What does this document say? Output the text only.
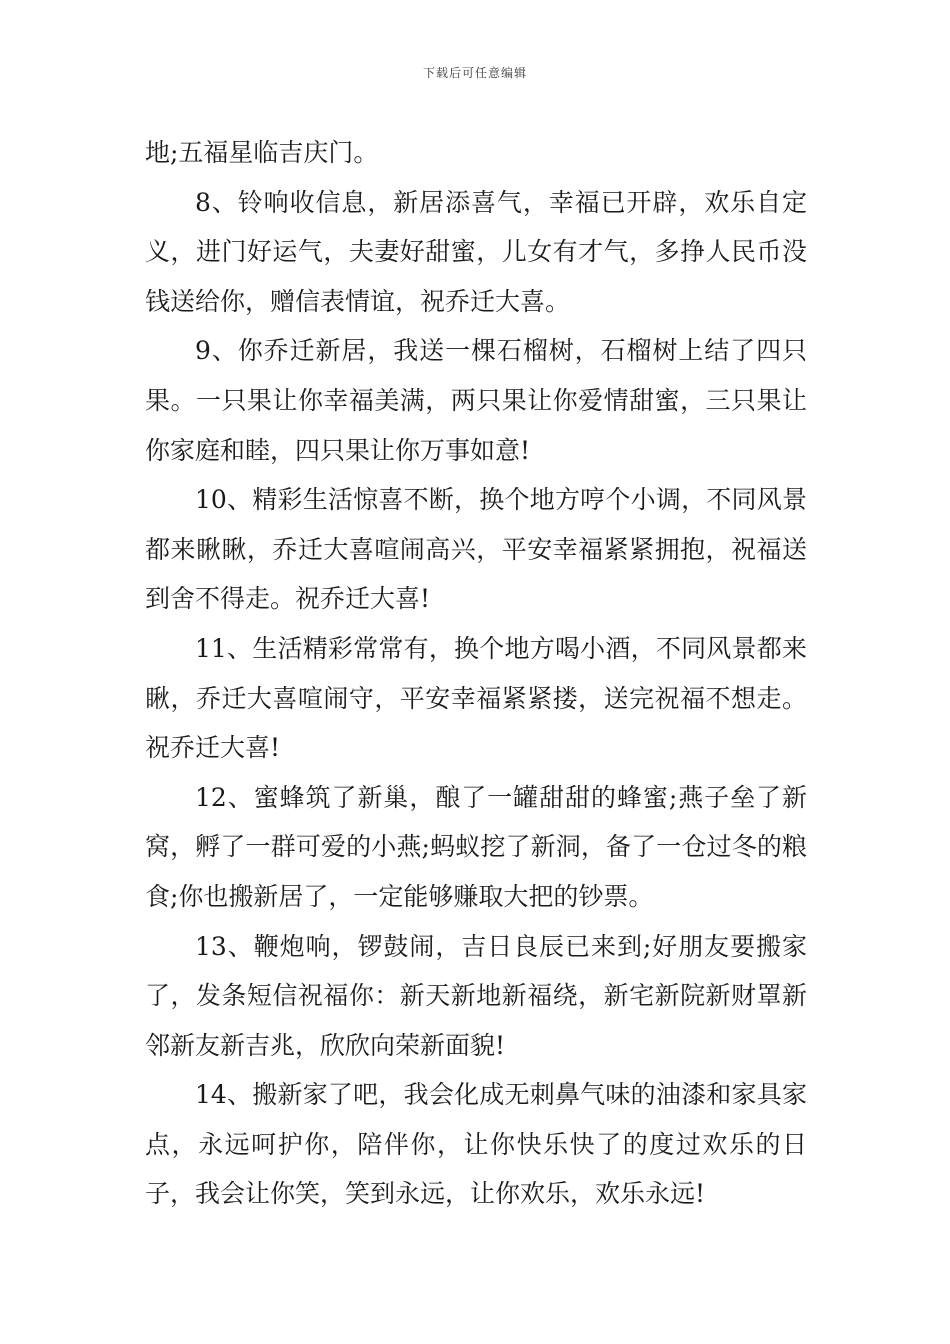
下载后可任意编辑

地;五福星临吉庆门。

8、铃响收信息，新居添喜气，幸福已开辟，欢乐自定义，进门好运气，夫妻好甜蜜，儿女有才气，多挣人民币没钱送给你，赠信表情谊，祝乔迁大喜。

9、你乔迁新居，我送一棵石榴树，石榴树上结了四只果。一只果让你幸福美满，两只果让你爱情甜蜜，三只果让你家庭和睦，四只果让你万事如意!

10、精彩生活惊喜不断，换个地方哼个小调，不同风景都来瞅瞅，乔迁大喜喧闹高兴，平安幸福紧紧拥抱，祝福送到舍不得走。祝乔迁大喜!

11、生活精彩常常有，换个地方喝小酒，不同风景都来瞅，乔迁大喜喧闹守，平安幸福紧紧搂，送完祝福不想走。祝乔迁大喜!

12、蜜蜂筑了新巢，酿了一罐甜甜的蜂蜜;燕子垒了新窝，孵了一群可爱的小燕;蚂蚁挖了新洞，备了一仓过冬的粮食;你也搬新居了，一定能够赚取大把的钞票。

13、鞭炮响，锣鼓闹，吉日良辰已来到;好朋友要搬家了，发条短信祝福你：新天新地新福绕，新宅新院新财罩新邻新友新吉兆，欣欣向荣新面貌!

14、搬新家了吧，我会化成无刺鼻气味的油漆和家具家点，永远呵护你，陪伴你，让你快乐快了的度过欢乐的日子，我会让你笑，笑到永远，让你欢乐，欢乐永远!
